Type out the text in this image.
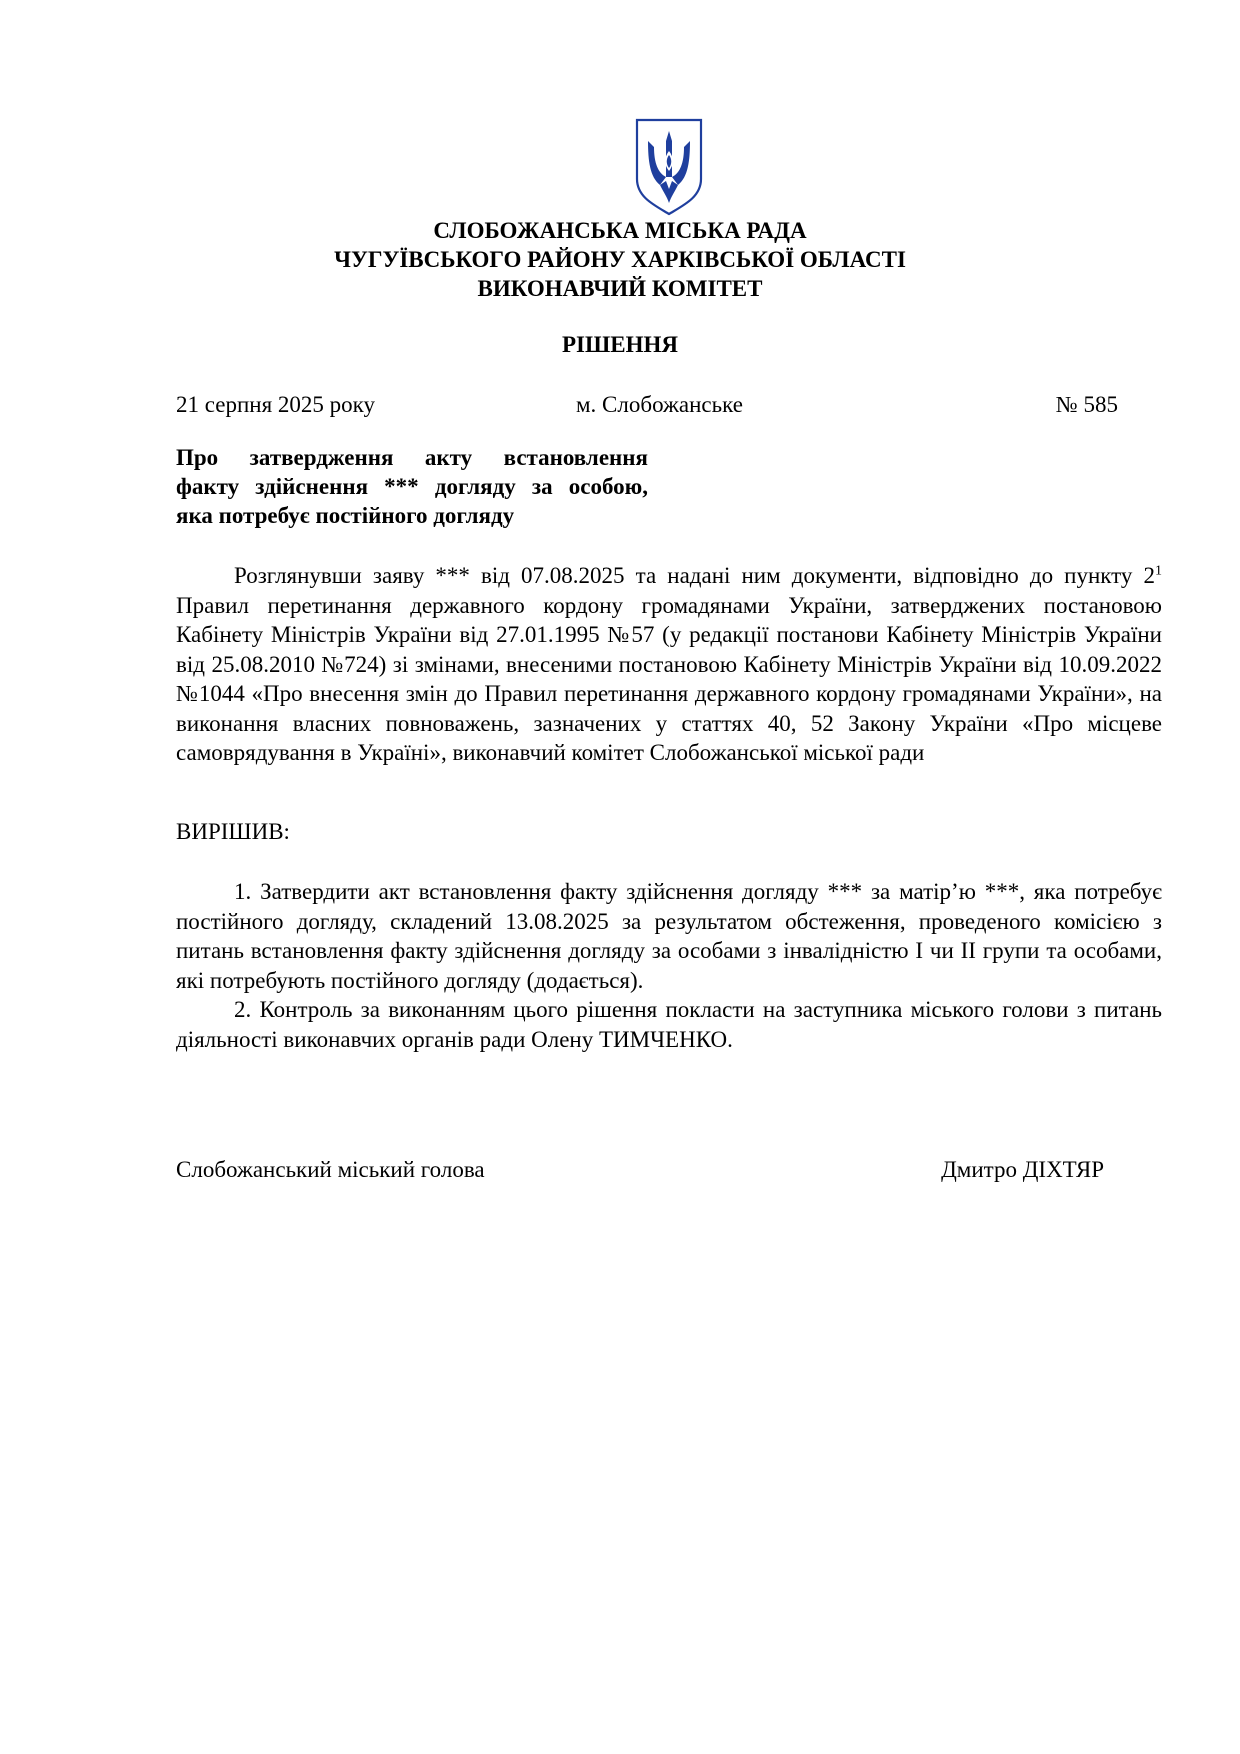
СЛОБОЖАНСЬКА МІСЬКА РАДА
ЧУГУЇВСЬКОГО РАЙОНУ ХАРКІВСЬКОЇ ОБЛАСТІ
ВИКОНАВЧИЙ КОМІТЕТ
РІШЕННЯ
21 серпня 2025 року	м. Слобожанське	№ 585
Про затвердження акту встановлення
факту здійснення *** догляду за особою,
яка потребує постійного догляду

Розглянувши заяву *** від 07.08.2025 та надані ним документи, відповідно до пункту $2^1$ Правил перетинання державного кордону громадянами України, затверджених постановою Кабінету Міністрів України від 27.01.1995 №57 (у редакції постанови Кабінету Міністрів України від 25.08.2010 №724) зі змінами, внесеними постановою Кабінету Міністрів України від 10.09.2022 №1044 «Про внесення змін до Правил перетинання державного кордону громадянами України», на виконання власних повноважень, зазначених у статтях 40, 52 Закону України «Про місцеве самоврядування в Україні», виконавчий комітет Слобожанської міської ради

ВИРІШИВ:

1. Затвердити акт встановлення факту здійснення догляду *** за матір’ю ***, яка потребує постійного догляду, складений 13.08.2025 за результатом обстеження, проведеного комісією з питань встановлення факту здійснення догляду за особами з інвалідністю І чи ІІ групи та особами, які потребують постійного догляду (додається).

2. Контроль за виконанням цього рішення покласти на заступника міського голови з питань діяльності виконавчих органів ради Олену ТИМЧЕНКО.

Слобожанський міський голова	Дмитро ДІХТЯР
